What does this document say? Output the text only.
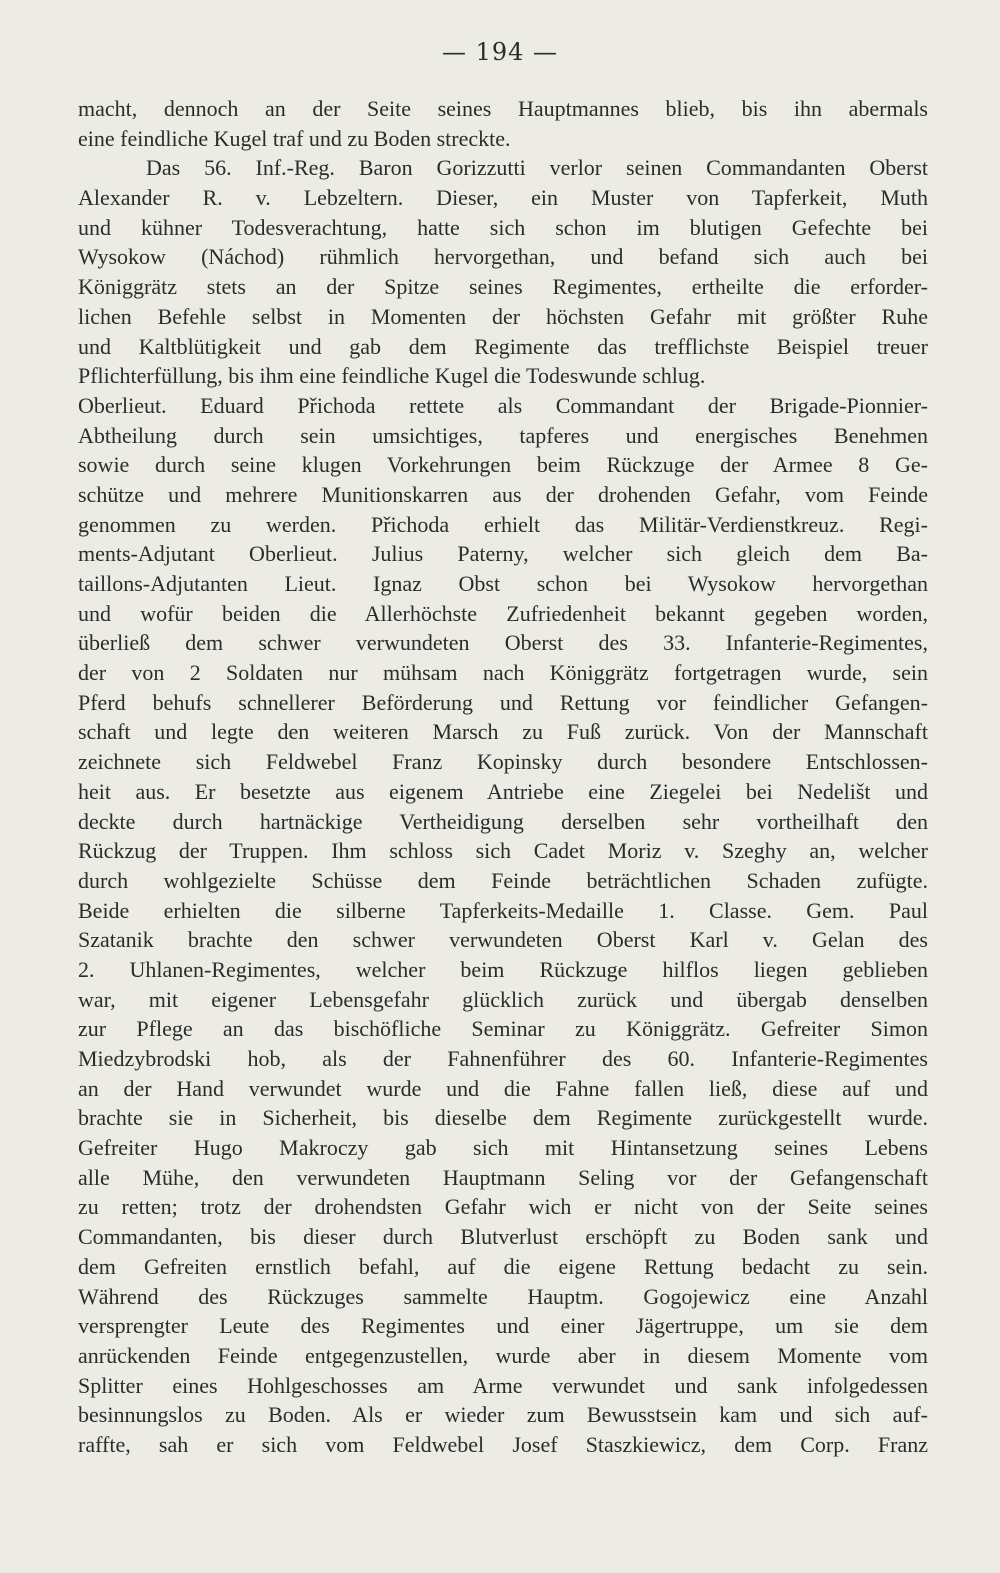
— 194 —
macht, dennoch an der Seite seines Hauptmannes blieb, bis ihn abermals
eine feindliche Kugel traf und zu Boden streckte.
Das 56. Inf.-Reg. Baron Gorizzutti verlor seinen Commandanten Oberst
Alexander R. v. Lebzeltern. Dieser, ein Muster von Tapferkeit, Muth
und kühner Todesverachtung, hatte sich schon im blutigen Gefechte bei
Wysokow (Náchod) rühmlich hervorgethan, und befand sich auch bei
Königgrätz stets an der Spitze seines Regimentes, ertheilte die erforder-
lichen Befehle selbst in Momenten der höchsten Gefahr mit größter Ruhe
und Kaltblütigkeit und gab dem Regimente das trefflichste Beispiel treuer
Pflichterfüllung, bis ihm eine feindliche Kugel die Todeswunde schlug.
Oberlieut. Eduard Přichoda rettete als Commandant der Brigade-Pionnier-
Abtheilung durch sein umsichtiges, tapferes und energisches Benehmen
sowie durch seine klugen Vorkehrungen beim Rückzuge der Armee 8 Ge-
schütze und mehrere Munitionskarren aus der drohenden Gefahr, vom Feinde
genommen zu werden. Přichoda erhielt das Militär-Verdienstkreuz. Regi-
ments-Adjutant Oberlieut. Julius Paterny, welcher sich gleich dem Ba-
taillons-Adjutanten Lieut. Ignaz Obst schon bei Wysokow hervorgethan
und wofür beiden die Allerhöchste Zufriedenheit bekannt gegeben worden,
überließ dem schwer verwundeten Oberst des 33. Infanterie-Regimentes,
der von 2 Soldaten nur mühsam nach Königgrätz fortgetragen wurde, sein
Pferd behufs schnellerer Beförderung und Rettung vor feindlicher Gefangen-
schaft und legte den weiteren Marsch zu Fuß zurück. Von der Mannschaft
zeichnete sich Feldwebel Franz Kopinsky durch besondere Entschlossen-
heit aus. Er besetzte aus eigenem Antriebe eine Ziegelei bei Nedelišt und
deckte durch hartnäckige Vertheidigung derselben sehr vortheilhaft den
Rückzug der Truppen. Ihm schloss sich Cadet Moriz v. Szeghy an, welcher
durch wohlgezielte Schüsse dem Feinde beträchtlichen Schaden zufügte.
Beide erhielten die silberne Tapferkeits-Medaille 1. Classe. Gem. Paul
Szatanik brachte den schwer verwundeten Oberst Karl v. Gelan des
2. Uhlanen-Regimentes, welcher beim Rückzuge hilflos liegen geblieben
war, mit eigener Lebensgefahr glücklich zurück und übergab denselben
zur Pflege an das bischöfliche Seminar zu Königgrätz. Gefreiter Simon
Miedzybrodski hob, als der Fahnenführer des 60. Infanterie-Regimentes
an der Hand verwundet wurde und die Fahne fallen ließ, diese auf und
brachte sie in Sicherheit, bis dieselbe dem Regimente zurückgestellt wurde.
Gefreiter Hugo Makroczy gab sich mit Hintansetzung seines Lebens
alle Mühe, den verwundeten Hauptmann Seling vor der Gefangenschaft
zu retten; trotz der drohendsten Gefahr wich er nicht von der Seite seines
Commandanten, bis dieser durch Blutverlust erschöpft zu Boden sank und
dem Gefreiten ernstlich befahl, auf die eigene Rettung bedacht zu sein.
Während des Rückzuges sammelte Hauptm. Gogojewicz eine Anzahl
versprengter Leute des Regimentes und einer Jägertruppe, um sie dem
anrückenden Feinde entgegenzustellen, wurde aber in diesem Momente vom
Splitter eines Hohlgeschosses am Arme verwundet und sank infolgedessen
besinnungslos zu Boden. Als er wieder zum Bewusstsein kam und sich auf-
raffte, sah er sich vom Feldwebel Josef Staszkiewicz, dem Corp. Franz
